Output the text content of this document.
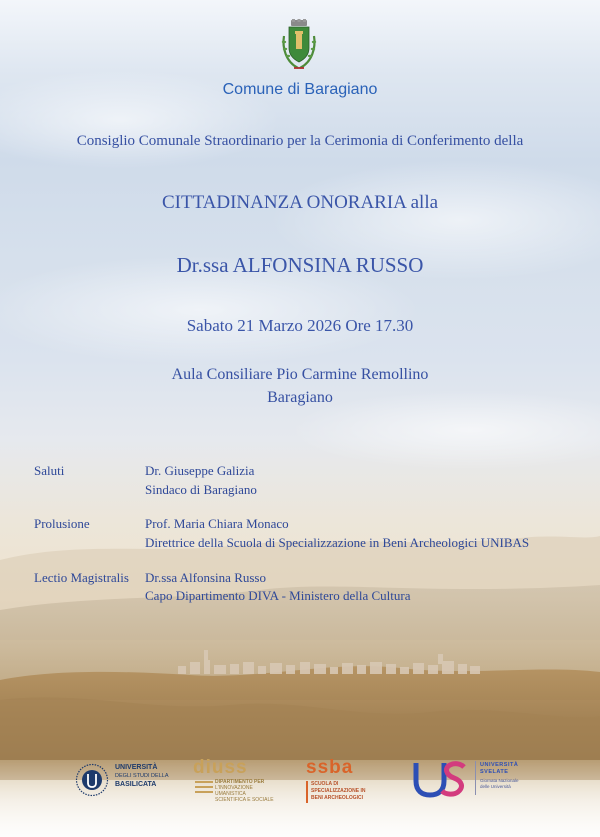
Comune di Baragiano
Consiglio Comunale Straordinario per la Cerimonia di Conferimento della
CITTADINANZA ONORARIA alla
Dr.ssa ALFONSINA RUSSO
Sabato 21 Marzo 2026 Ore 17.30
Aula Consiliare Pio Carmine Remollino
Baragiano
Saluti	Dr. Giuseppe Galizia
Sindaco di Baragiano
Prolusione	Prof. Maria Chiara Monaco
Direttrice della Scuola di Specializzazione in Beni Archeologici UNIBAS
Lectio Magistralis Dr.ssa Alfonsina Russo
Capo Dipartimento DIVA - Ministero della Cultura
UNIVERSITÀ
DEGLI STUDI DELLA
BASILICATA
diuss
DIPARTIMENTO PER
L'INNOVAZIONE
UMANISTICA
SCIENTIFICA E SOCIALE
ssba
SCUOLA DI
SPECIALIZZAZIONE IN
BENI ARCHEOLOGICI
UNIVERSITÀ
SVELATE
Giornata Nazionale
delle Università
